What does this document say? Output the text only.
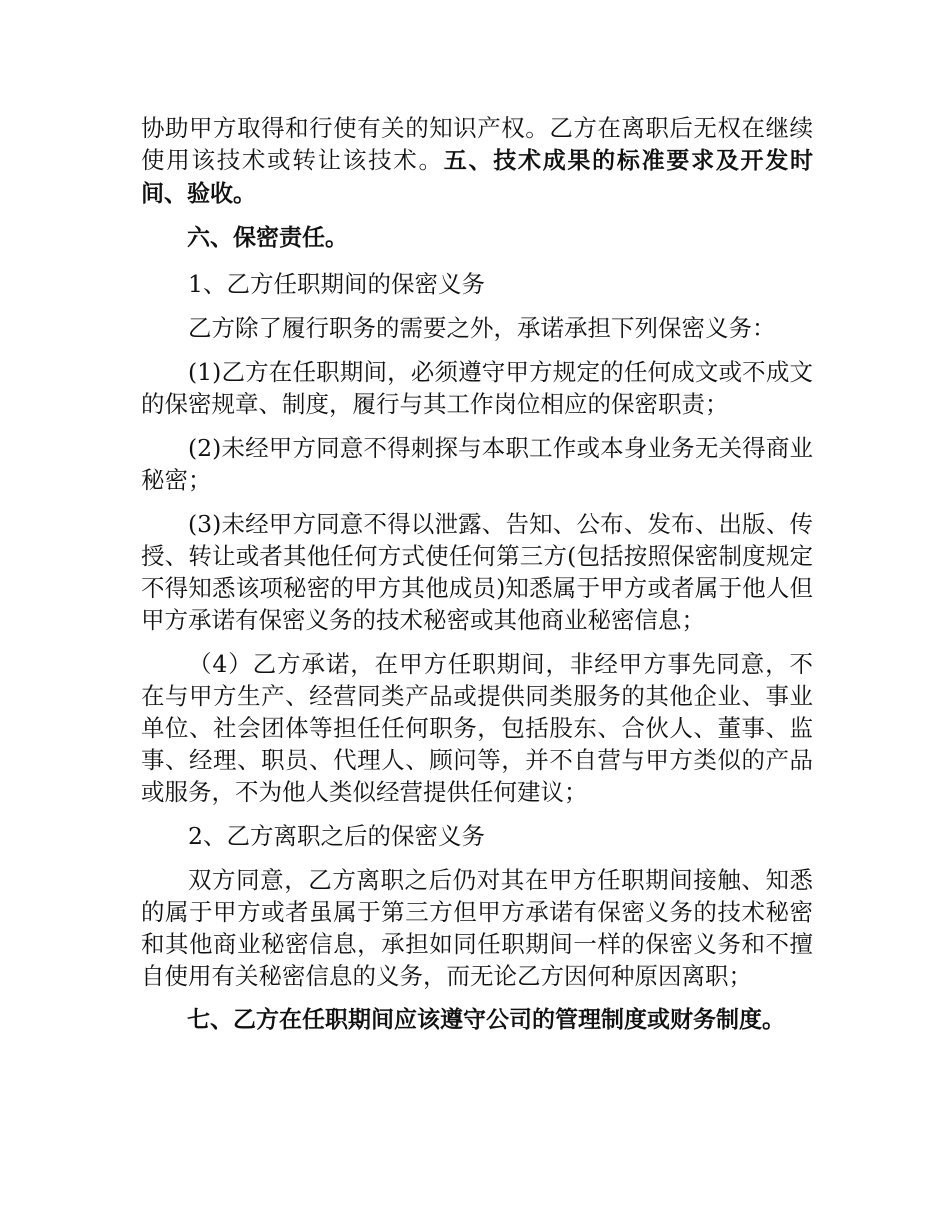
协助甲方取得和行使有关的知识产权。乙方在离职后无权在继续使用该技术或转让该技术。五、技术成果的标准要求及开发时间、验收。

六、保密责任。

1、乙方任职期间的保密义务

乙方除了履行职务的需要之外，承诺承担下列保密义务：

(1)乙方在任职期间，必须遵守甲方规定的任何成文或不成文的保密规章、制度，履行与其工作岗位相应的保密职责；

(2)未经甲方同意不得刺探与本职工作或本身业务无关得商业秘密；

(3)未经甲方同意不得以泄露、告知、公布、发布、出版、传授、转让或者其他任何方式使任何第三方(包括按照保密制度规定不得知悉该项秘密的甲方其他成员)知悉属于甲方或者属于他人但甲方承诺有保密义务的技术秘密或其他商业秘密信息；

（4）乙方承诺，在甲方任职期间，非经甲方事先同意，不在与甲方生产、经营同类产品或提供同类服务的其他企业、事业单位、社会团体等担任任何职务，包括股东、合伙人、董事、监事、经理、职员、代理人、顾问等，并不自营与甲方类似的产品或服务，不为他人类似经营提供任何建议；

2、乙方离职之后的保密义务

双方同意，乙方离职之后仍对其在甲方任职期间接触、知悉的属于甲方或者虽属于第三方但甲方承诺有保密义务的技术秘密和其他商业秘密信息，承担如同任职期间一样的保密义务和不擅自使用有关秘密信息的义务，而无论乙方因何种原因离职；

七、乙方在任职期间应该遵守公司的管理制度或财务制度。
